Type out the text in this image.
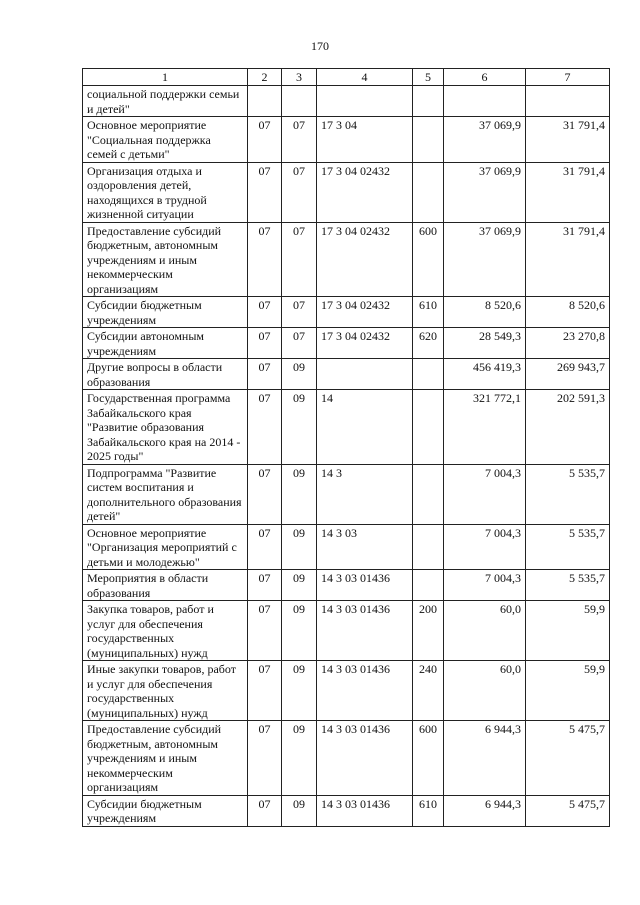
170
1	2	3	4	5	6	7
социальной поддержки семьи и детей"						
Основное мероприятие "Социальная поддержка семей с детьми"	07	07	17 3 04		37 069,9	31 791,4
Организация отдыха и оздоровления детей, находящихся в трудной жизненной ситуации	07	07	17 3 04 02432		37 069,9	31 791,4
Предоставление субсидий бюджетным, автономным учреждениям и иным некоммерческим организациям	07	07	17 3 04 02432	600	37 069,9	31 791,4
Субсидии бюджетным учреждениям	07	07	17 3 04 02432	610	8 520,6	8 520,6
Субсидии автономным учреждениям	07	07	17 3 04 02432	620	28 549,3	23 270,8
Другие вопросы в области образования	07	09			456 419,3	269 943,7
Государственная программа Забайкальского края "Развитие образования Забайкальского края на 2014 - 2025 годы"	07	09	14		321 772,1	202 591,3
Подпрограмма "Развитие систем воспитания и дополнительного образования детей"	07	09	14 3		7 004,3	5 535,7
Основное мероприятие "Организация мероприятий с детьми и молодежью"	07	09	14 3 03		7 004,3	5 535,7
Мероприятия в области образования	07	09	14 3 03 01436		7 004,3	5 535,7
Закупка товаров, работ и услуг для обеспечения государственных (муниципальных) нужд	07	09	14 3 03 01436	200	60,0	59,9
Иные закупки товаров, работ и услуг для обеспечения государственных (муниципальных) нужд	07	09	14 3 03 01436	240	60,0	59,9
Предоставление субсидий бюджетным, автономным учреждениям и иным некоммерческим организациям	07	09	14 3 03 01436	600	6 944,3	5 475,7
Субсидии бюджетным учреждениям	07	09	14 3 03 01436	610	6 944,3	5 475,7
